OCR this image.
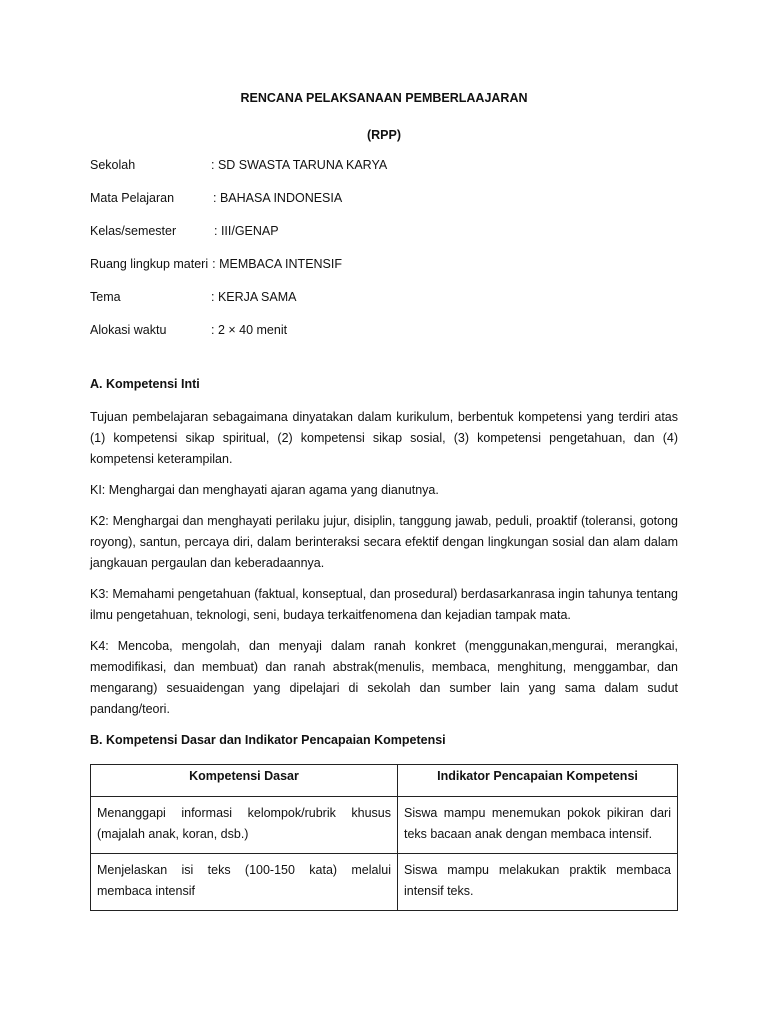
RENCANA PELAKSANAAN PEMBERLAAJARAN
(RPP)
Sekolah	: SD SWASTA TARUNA KARYA
Mata Pelajaran	: BAHASA INDONESIA
Kelas/semester	: III/GENAP
Ruang lingkup materi : MEMBACA INTENSIF
Tema	: KERJA SAMA
Alokasi waktu	: 2 × 40 menit
A. Kompetensi Inti
Tujuan pembelajaran sebagaimana dinyatakan dalam kurikulum, berbentuk kompetensi yang terdiri atas (1) kompetensi sikap spiritual, (2) kompetensi sikap sosial, (3) kompetensi pengetahuan, dan (4) kompetensi keterampilan.
KI: Menghargai dan menghayati ajaran agama yang dianutnya.
K2: Menghargai dan menghayati perilaku jujur, disiplin, tanggung jawab, peduli, proaktif (toleransi, gotong royong), santun, percaya diri, dalam berinteraksi secara efektif dengan lingkungan sosial dan alam dalam jangkauan pergaulan dan keberadaannya.
K3: Memahami pengetahuan (faktual, konseptual, dan prosedural) berdasarkanrasa ingin tahunya tentang ilmu pengetahuan, teknologi, seni, budaya terkaitfenomena dan kejadian tampak mata.
K4: Mencoba, mengolah, dan menyaji dalam ranah konkret (menggunakan,mengurai, merangkai, memodifikasi, dan membuat) dan ranah abstrak(menulis, membaca, menghitung, menggambar, dan mengarang) sesuaidengan yang dipelajari di sekolah dan sumber lain yang sama dalam sudut pandang/teori.
B. Kompetensi Dasar dan Indikator Pencapaian Kompetensi
Kompetensi Dasar	Indikator Pencapaian Kompetensi
Menanggapi informasi kelompok/rubrik khusus (majalah anak, koran, dsb.)	Siswa mampu menemukan pokok pikiran dari teks bacaan anak dengan membaca intensif.
Menjelaskan isi teks (100-150 kata) melalui membaca intensif	Siswa mampu melakukan praktik membaca intensif teks.
